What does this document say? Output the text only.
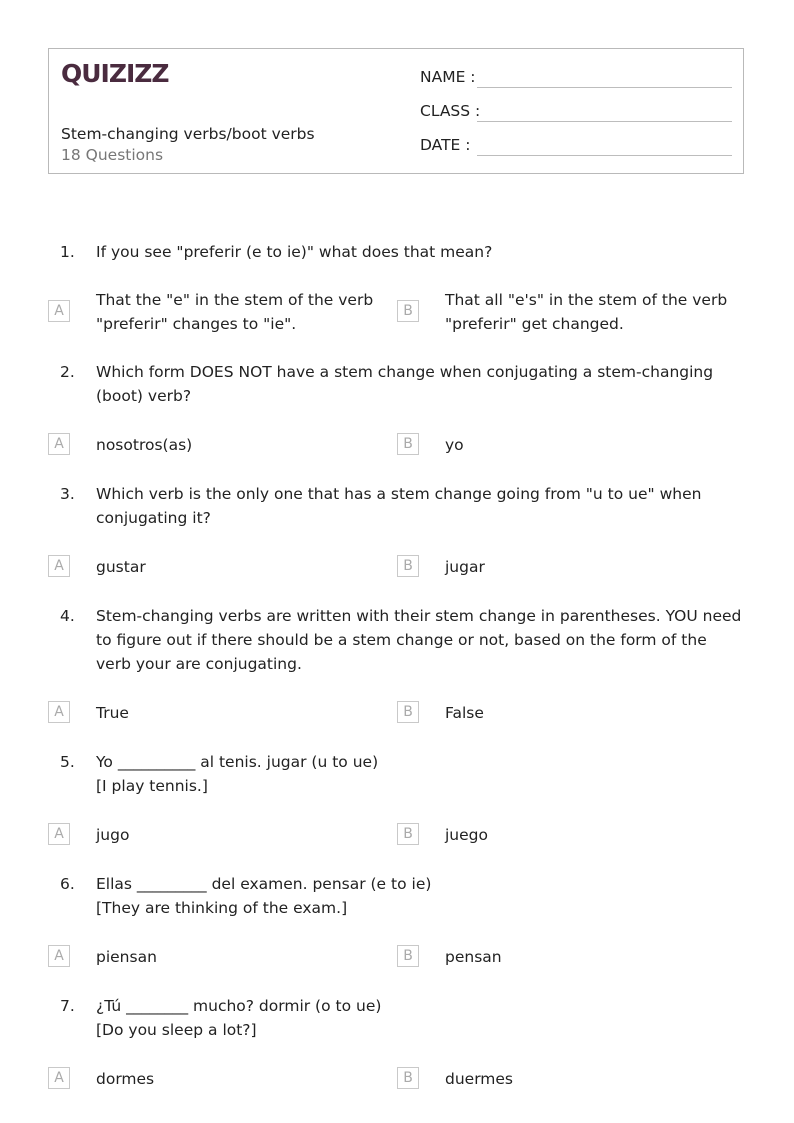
QUIZIZZ
Stem-changing verbs/boot verbs
18 Questions
NAME :
CLASS :
DATE :
1. If you see "preferir (e to ie)" what does that mean?
A
That the "e" in the stem of the verb "preferir" changes to "ie".
B
That all "e's" in the stem of the verb "preferir" get changed.
2. Which form DOES NOT have a stem change when conjugating a stem-changing (boot) verb?
A	nosotros(as)	B	yo
3. Which verb is the only one that has a stem change going from "u to ue" when conjugating it?
A	gustar	B	jugar
4. Stem-changing verbs are written with their stem change in parentheses. YOU need to figure out if there should be a stem change or not, based on the form of the verb your are conjugating.
A	True	B	False
5. Yo __________ al tenis. jugar (u to ue)
[I play tennis.]
A	jugo	B	juego
6. Ellas _________ del examen. pensar (e to ie)
[They are thinking of the exam.]
A	piensan	B	pensan
7. ¿Tú ________ mucho? dormir (o to ue)
[Do you sleep a lot?]
A	dormes	B	duermes
